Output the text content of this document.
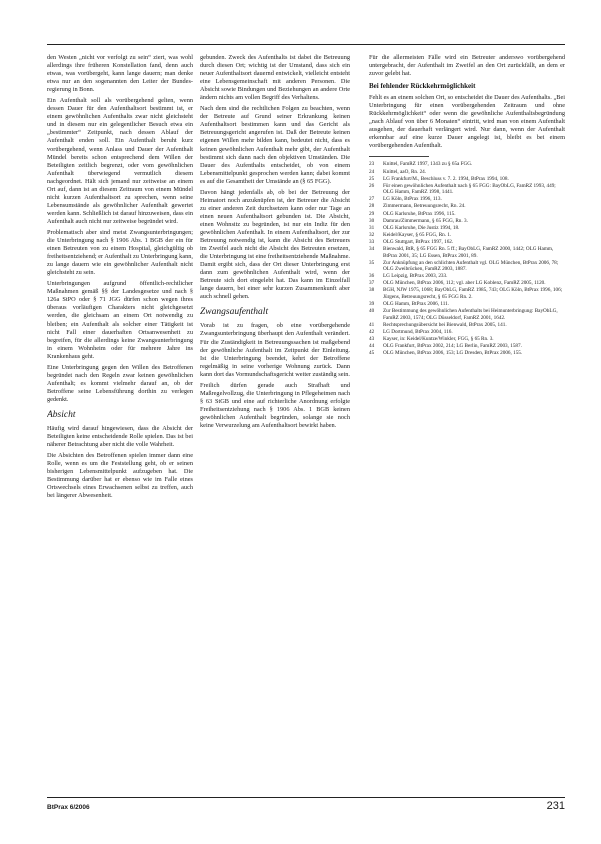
den Westen „nicht vor verfolgt zu sein“ ziert, was wohl allerdings ihre früheren Konstellation fand, denn auch etwas, was vorübergeht, kann lange dauern; man denke etwa nur an den sogenannten den Leiter der Bundes-regierung in Bonn.

Ein Aufenthalt soll als vorübergehend gelten, wenn dessen Dauer für den Aufenthaltsort bestimmt ist, er einem gewöhnlichen Aufenthalts zwar nicht gleichsteht und in diesem nur ein gelegentlicher Besuch etwa ein „bestimmter“ Zeitpunkt, nach dessen Ablauf der Aufenthalt enden soll. Ein Aufenthalt beruht kurz vorübergehend, wenn Anlass und Dauer der Aufenthalt Mündel bereits schon entsprechend dem Willen der Beteiligten zeitlich begrenzt, oder vom gewöhnlichen Aufenthalt überwiegend vermutlich diesem nachgeordnet. Hält sich jemand nur zeitweise an einem Ort auf, dann ist an diesem Zeitraum von einem Mündel nicht kurzen Aufenthaltsort zu sprechen, wenn seine Lebensumstände als gewöhnlicher Aufenthalt gewertet werden kann. Schließlich ist darauf hinzuweisen, dass ein Aufenthalt auch nicht nur zeitweise begründet wird.

Problematisch aber sind meist Zwangsunterbringungen; die Unterbringung nach § 1906 Abs. 1 BGB der ein für einen Betreuten von zu einem Hospital, gleichgültig ob freiheitsentziehend; er Aufenthalt zu Unterbringung kann, zu lange dauern wie ein gewöhnlicher Aufenthalt nicht gleichsteht zu sein.

Unterbringungen aufgrund öffentlich-rechtlicher Maßnahmen gemäß §§ der Landesgesetze und nach § 126a StPO oder § 71 JGG dürfen schon wegen ihres überaus vorläufigen Charakters nicht gleichgesetzt werden, die gleichsam an einem Ort notwendig zu bleiben; ein Aufenthalt als solcher einer Tätigkeit ist nicht Fall einer dauerhaften Ortsanwesenheit zu begreifen, für die allerdings keine Zwangsunterbringung in einem Wohnheim oder für mehrere Jahre ins Krankenhaus geht.

Eine Unterbringung gegen den Willen des Betroffenen begründet nach den Regeln zwar keinen gewöhnlichen Aufenthalt; es kommt vielmehr darauf an, ob der Betroffene seine Lebensführung dorthin zu verlegen gedenkt.

Absicht

Häufig wird darauf hingewiesen, dass die Absicht der Beteiligten keine entscheidende Rolle spielen. Das ist bei näherer Betrachtung aber nicht die volle Wahrheit.

Die Absichten des Betroffenen spielen immer dann eine Rolle, wenn es um die Feststellung geht, ob er seinen bisherigen Lebensmittelpunkt aufzugeben hat. Die Bestimmung darüber hat er ebenso wie im Falle eines Ortswechsels eines Erwachsenen selbst zu treffen, auch bei längerer Abwesenheit.

gebunden. Zweck des Aufenthalts ist dabei die Betreuung durch diesen Ort; wichtig ist der Umstand, dass sich ein neuer Aufenthaltsort dauernd entwickelt, vielleicht entsteht eine Lebensgemeinschaft mit anderen Personen. Die Absicht sowie Bindungen und Beziehungen an andere Orte ändern nichts am vollen Begriff des Verhaltens.

Nach dem sind die rechtlichen Folgen zu beachten, wenn der Betreute auf Grund seiner Erkrankung keinen Aufenthaltsort bestimmen kann und das Gericht als Betreuungsgericht angerufen ist. Daß der Betreute keinen eigenen Willen mehr bilden kann, bedeutet nicht, dass es keinen gewöhnlichen Aufenthalt mehr gibt, der Aufenthalt bestimmt sich dann nach den objektiven Umständen. Die Dauer des Aufenthalts entscheidet, ob von einem Lebensmittelpunkt gesprochen werden kann; dabei kommt es auf die Gesamtheit der Umstände an (§ 65 FGG).

Davon hängt jedenfalls ab, ob bei der Betreuung der Heimatort noch anzuknüpfen ist, der Betreuer die Absicht zu einer anderen Zeit durchsetzen kann oder nur Tage an einen neuen Aufenthaltsort gebunden ist. Die Absicht, einen Wohnsitz zu begründen, ist nur ein Indiz für den gewöhnlichen Aufenthalt. In einem Aufenthaltsort, der zur Betreuung notwendig ist, kann die Absicht des Betreuers im Zweifel auch nicht die Absicht des Betreuten ersetzen, die Unterbringung ist eine freiheitsentziehende Maßnahme. Damit ergibt sich, dass der Ort dieser Unterbringung erst dann zum gewöhnlichen Aufenthalt wird, wenn der Betreute sich dort eingelebt hat. Das kann im Einzelfall lange dauern, bei einer sehr kurzen Zusammenkunft aber auch schnell gehen.

Zwangsaufenthalt

Vorab ist zu fragen, ob eine vorübergehende Zwangsunterbringung überhaupt den Aufenthalt verändert. Für die Zuständigkeit in Betreuungssachen ist maßgebend der gewöhnliche Aufenthalt im Zeitpunkt der Einleitung. Ist die Unterbringung beendet, kehrt der Betroffene regelmäßig in seine vorherige Wohnung zurück. Dann kann dort das Vormundschaftsgericht weiter zuständig sein.

Freilich dürfen gerade auch Strafhaft und Maßregelvollzug, die Unterbringung in Pflegeheimen nach § 63 StGB und eine auf richterliche Anordnung erfolgte Freiheitsentziehung nach § 1906 Abs. 1 BGB keinen gewöhnlichen Aufenthalt begründen, solange sie noch keine Verwurzelung am Aufenthaltsort bewirkt haben.

Für die allermeisten Fälle wird ein Betreuter anderswo vorübergehend untergebracht, der Aufenthalt im Zweifel an den Ort zurückfällt, an dem er zuvor gelebt hat.

Bei fehlender Rückkehrmöglichkeit

Fehlt es an einem solchen Ort, so entscheidet die Dauer des Aufenthalts. „Bei Unterbringung für einen vorübergehenden Zeitraum und ohne Rückkehrmöglichkeit“ oder wenn die gewöhnliche Aufenthaltsbegründung „nach Ablauf von über 6 Monaten“ eintritt, wird man von einem Aufenthalt ausgehen, der dauerhaft verlängert wird. Nur dann, wenn der Aufenthalt erkennbar auf eine kurze Dauer angelegt ist, bleibt es bei einem vorübergehenden Aufenthalt.

23	Knittel, FamRZ 1997, 1343 zu § 65a FGG.
24	Knittel, aaO, Rn. 24.
25	LG Frankfurt/M., Beschluss v. 7. 2. 1994, BtPrax 1994, 108.
26	Für einen gewöhnlichen Aufenthalt nach § 65 FGG: BayObLG, FamRZ 1993, 449; OLG Hamm, FamRZ 1998, 1441.
27	LG Köln, BtPrax 1996, 113.
28	Zimmermann, Betreuungsrecht, Rn. 24.
29	OLG Karlsruhe, BtPrax 1996, 115.
30	Damrau/Zimmermann, § 65 FGG, Rn. 3.
31	OLG Karlsruhe, Die Justiz 1994, 18.
32	Keidel/Kayser, § 65 FGG, Rn. 1.
33	OLG Stuttgart, BtPrax 1997, 162.
34	Bienwald, BtR, § 65 FGG Rn. 5 ff.; BayObLG, FamRZ 2000, 1442; OLG Hamm, BtPrax 2001, 35; LG Essen, BtPrax 2001, 89.
35	Zur Anknüpfung an den schlichten Aufenthalt vgl. OLG München, BtPrax 2006, 78; OLG Zweibrücken, FamRZ 2003, 1887.
36	LG Leipzig, BtPrax 2003, 233.
37	OLG München, BtPrax 2006, 112; vgl. aber LG Koblenz, FamRZ 2005, 1120.
38	BGH, NJW 1975, 1068; BayObLG, FamRZ 1985, 743; OLG Köln, BtPrax 1996, 106; Jürgens, Betreuungsrecht, § 65 FGG Rn. 2.
39	OLG Hamm, BtPrax 2006, 111.
40	Zur Bestimmung des gewöhnlichen Aufenthalts bei Heimunterbringung: BayObLG, FamRZ 2003, 1574; OLG Düsseldorf, FamRZ 2001, 1642.
41	Rechtsprechungsübersicht bei Bienwald, BtPrax 2005, 141.
42	LG Dortmund, BtPrax 2004, 116.
43	Kayser, in: Keidel/Kuntze/Winkler, FGG, § 65 Rn. 3.
44	OLG Frankfurt, BtPrax 2002, 214; LG Berlin, FamRZ 2003, 1587.
45	OLG München, BtPrax 2006, 153; LG Dresden, BtPrax 2006, 155.
BtPrax 6/2006	231
